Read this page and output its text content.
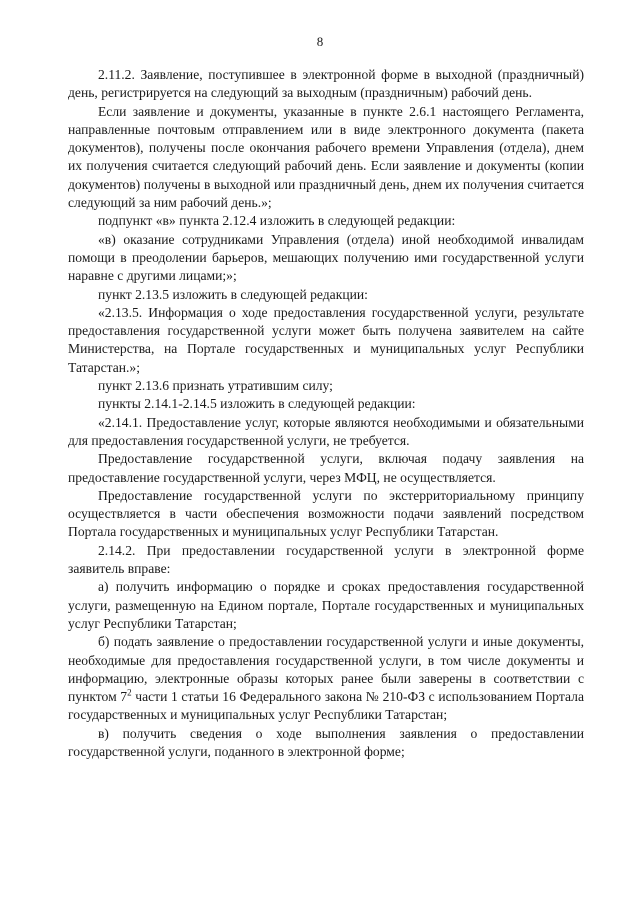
8

2.11.2. Заявление, поступившее в электронной форме в выходной (праздничный) день, регистрируется на следующий за выходным (праздничным) рабочий день.

Если заявление и документы, указанные в пункте 2.6.1 настоящего Регламента, направленные почтовым отправлением или в виде электронного документа (пакета документов), получены после окончания рабочего времени Управления (отдела), днем их получения считается следующий рабочий день. Если заявление и документы (копии документов) получены в выходной или праздничный день, днем их получения считается следующий за ним рабочий день.»;

подпункт «в» пункта 2.12.4 изложить в следующей редакции:

«в) оказание сотрудниками Управления (отдела) иной необходимой инвалидам помощи в преодолении барьеров, мешающих получению ими государственной услуги наравне с другими лицами;»;

пункт 2.13.5 изложить в следующей редакции:

«2.13.5. Информация о ходе предоставления государственной услуги, результате предоставления государственной услуги может быть получена заявителем на сайте Министерства, на Портале государственных и муниципальных услуг Республики Татарстан.»;

пункт 2.13.6 признать утратившим силу;

пункты 2.14.1-2.14.5 изложить в следующей редакции:

«2.14.1. Предоставление услуг, которые являются необходимыми и обязательными для предоставления государственной услуги, не требуется.

Предоставление государственной услуги, включая подачу заявления на предоставление государственной услуги, через МФЦ, не осуществляется.

Предоставление государственной услуги по экстерриториальному принципу осуществляется в части обеспечения возможности подачи заявлений посредством Портала государственных и муниципальных услуг Республики Татарстан.

2.14.2. При предоставлении государственной услуги в электронной форме заявитель вправе:

а) получить информацию о порядке и сроках предоставления государственной услуги, размещенную на Едином портале, Портале государственных и муниципальных услуг Республики Татарстан;

б) подать заявление о предоставлении государственной услуги и иные документы, необходимые для предоставления государственной услуги, в том числе документы и информацию, электронные образы которых ранее были заверены в соответствии с пунктом $7^2$ части 1 статьи 16 Федерального закона № 210-ФЗ с использованием Портала государственных и муниципальных услуг Республики Татарстан;

в) получить сведения о ходе выполнения заявления о предоставлении государственной услуги, поданного в электронной форме;
